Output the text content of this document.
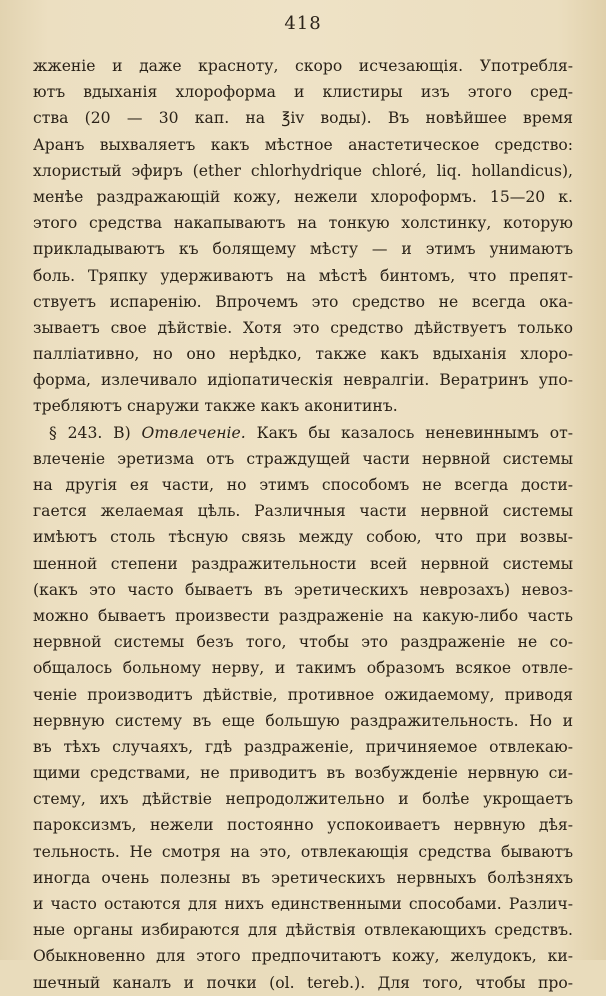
418
жженiе и даже красноту, скоро исчезающiя. Употребля-
ютъ вдыханiя хлороформа и клистиры изъ этого сред-
ства (20 — 30 кап. на ℥iv воды). Въ новѣйшее время
Аранъ выхваляетъ какъ мѣстное анастетическое средство:
хлористый эфиръ (ether chlorhydrique chloré, liq. hollandicus),
менѣе раздражающiй кожу, нежели хлороформъ. 15—20 к.
этого средства накапываютъ на тонкую холстинку, которую
прикладываютъ къ болящему мѣсту — и этимъ унимаютъ
боль. Тряпку удерживаютъ на мѣстѣ бинтомъ, что препят-
ствуетъ испаренiю. Впрочемъ это средство не всегда ока-
зываетъ свое дѣйствiе. Хотя это средство дѣйствуетъ только
паллiативно, но оно нерѣдко, также какъ вдыханiя хлоро-
форма, излечивало идiопатическiя невралгiи. Вератринъ упо-
требляютъ снаружи также какъ аконитинъ.
§ 243. B) Отвлеченiе. Какъ бы казалось неневиннымъ от-
влеченiе эретизма отъ страждущей части нервной системы
на другiя ея части, но этимъ способомъ не всегда дости-
гается желаемая цѣль. Различныя части нервной системы
имѣютъ столь тѣсную связь между собою, что при возвы-
шенной степени раздражительности всей нервной системы
(какъ это часто бываетъ въ эретическихъ неврозахъ) невоз-
можно бываетъ произвести раздраженiе на какую-либо часть
нервной системы безъ того, чтобы это раздраженiе не со-
общалось больному нерву, и такимъ образомъ всякое отвле-
ченiе производитъ дѣйствiе, противное ожидаемому, приводя
нервную систему въ еще большую раздражительность. Но и
въ тѣхъ случаяхъ, гдѣ раздраженiе, причиняемое отвлекаю-
щими средствами, не приводитъ въ возбужденiе нервную си-
стему, ихъ дѣйствiе непродолжительно и болѣе укрощаетъ
пароксизмъ, нежели постоянно успокоиваетъ нервную дѣя-
тельность. Не смотря на это, отвлекающiя средства бываютъ
иногда очень полезны въ эретическихъ нервныхъ болѣзняхъ
и часто остаются для нихъ единственными способами. Различ-
ные органы избираются для дѣйствiя отвлекающихъ средствъ.
Обыкновенно для этого предпочитаютъ кожу, желудокъ, ки-
шечный каналъ и почки (ol. tereb.). Для того, чтобы про-
